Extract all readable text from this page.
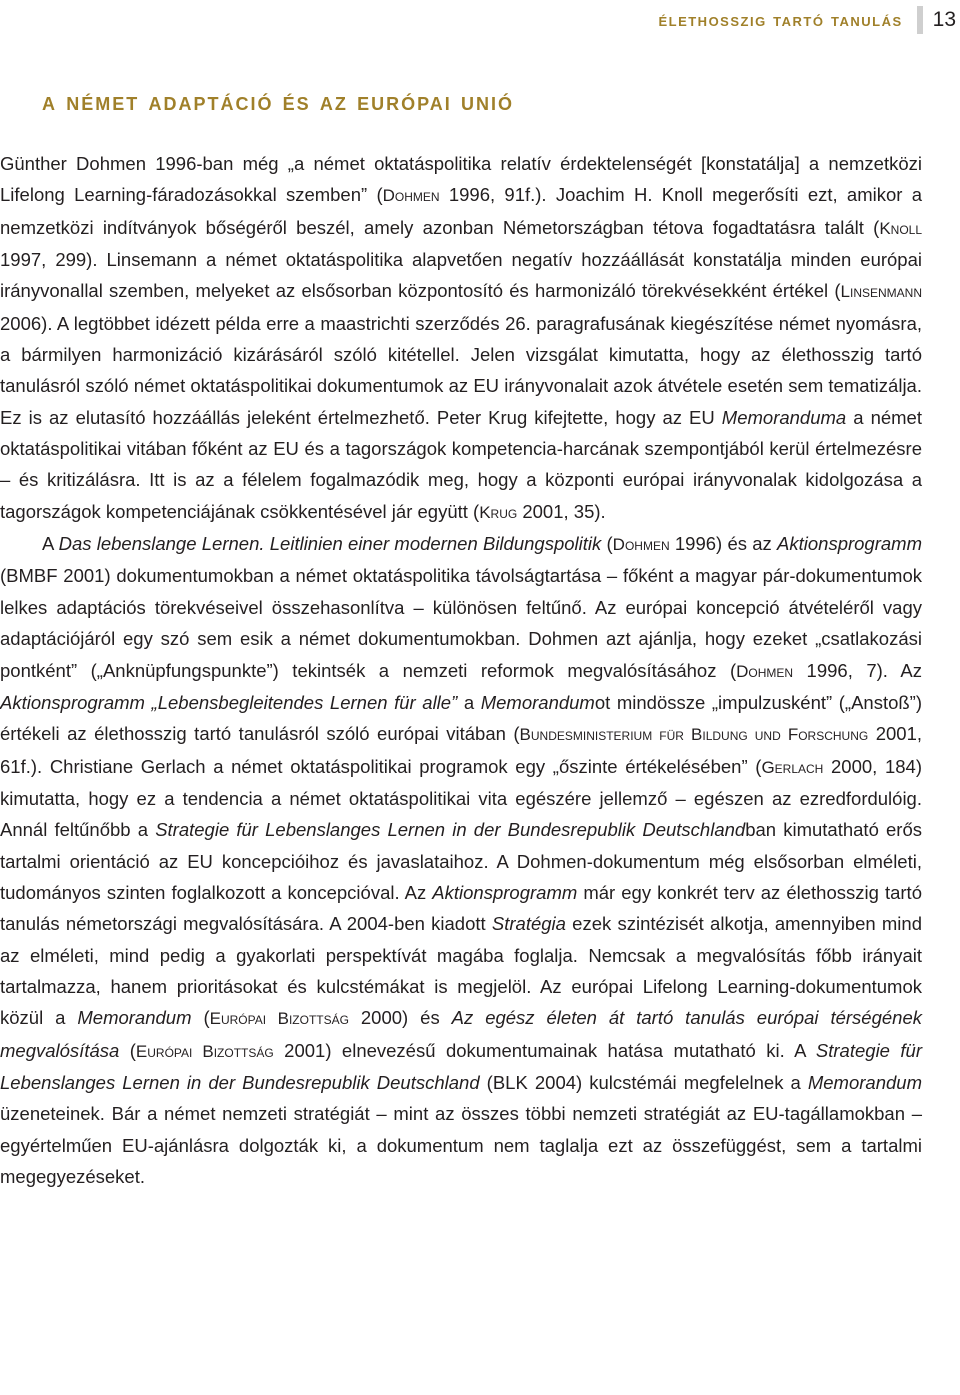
élethosszig tartó tanulás	13
a német adaptáció és az európai unió

Günther Dohmen 1996-ban még „a német oktatáspolitika relatív érdektelenségét [konstatálja] a nemzetközi Lifelong Learning-fáradozásokkal szemben” (Dohmen 1996, 91f.). Joachim H. Knoll megerősíti ezt, amikor a nemzetközi indítványok bőségéről beszél, amely azonban Németországban tétova fogadtatásra talált (Knoll 1997, 299). Linsemann a német oktatáspolitika alapvetően negatív hozzáállását konstatálja minden európai irányvonallal szemben, melyeket az elsősorban központosító és harmonizáló törekvésekként értékel (Linsenmann 2006). A legtöbbet idézett példa erre a maastrichti szerződés 26. paragrafusának kiegészítése német nyomásra, a bármilyen harmonizáció kizárásáról szóló kitétellel. Jelen vizsgálat kimutatta, hogy az élethosszig tartó tanulásról szóló német oktatáspolitikai dokumentumok az EU irányvonalait azok átvétele esetén sem tematizálja. Ez is az elutasító hozzáállás jeleként értelmezhető. Peter Krug kifejtette, hogy az EU Memoranduma a német oktatáspolitikai vitában főként az EU és a tagországok kompetencia-harcának szempontjából kerül értelmezésre – és kritizálásra. Itt is az a félelem fogalmazódik meg, hogy a központi európai irányvonalak kidolgozása a tagországok kompetenciájának csökkentésével jár együtt (Krug 2001, 35).

A Das lebenslange Lernen. Leitlinien einer modernen Bildungspolitik (Dohmen 1996) és az Aktionsprogramm (BMBF 2001) dokumentumokban a német oktatáspolitika távolságtartása – főként a magyar pár-dokumentumok lelkes adaptációs törekvéseivel összehasonlítva – különösen feltűnő. Az európai koncepció átvételéről vagy adaptációjáról egy szó sem esik a német dokumentumokban. Dohmen azt ajánlja, hogy ezeket „csatlakozási pontként” („Anknüpfungspunkte”) tekintsék a nemzeti reformok megvalósításához (Dohmen 1996, 7). Az Aktionsprogramm „Lebensbegleitendes Lernen für alle” a Memorandumot mindössze „impulzusként” („Anstoß”) értékeli az élethosszig tartó tanulásról szóló európai vitában (Bundesministerium für Bildung und Forschung 2001, 61f.). Christiane Gerlach a német oktatáspolitikai programok egy „őszinte értékelésében” (Gerlach 2000, 184) kimutatta, hogy ez a tendencia a német oktatáspolitikai vita egészére jellemző – egészen az ezredfordulóig. Annál feltűnőbb a Strategie für Lebenslanges Lernen in der Bundesrepublik Deutschlandban kimutatható erős tartalmi orientáció az EU koncepcióihoz és javaslataihoz. A Dohmen-dokumentum még elsősorban elméleti, tudományos szinten foglalkozott a koncepcióval. Az Aktionsprogramm már egy konkrét terv az élethosszig tartó tanulás németországi megvalósítására. A 2004-ben kiadott Stratégia ezek szintézisét alkotja, amennyiben mind az elméleti, mind pedig a gyakorlati perspektívát magába foglalja. Nemcsak a megvalósítás főbb irányait tartalmazza, hanem prioritásokat és kulcstémákat is megjelöl. Az európai Lifelong Learning-dokumentumok közül a Memorandum (Európai Bizottság 2000) és Az egész életen át tartó tanulás európai térségének megvalósítása (Európai Bizottság 2001) elnevezésű dokumentumainak hatása mutatható ki. A Strategie für Lebenslanges Lernen in der Bundesrepublik Deutschland (BLK 2004) kulcstémái megfelelnek a Memorandum üzeneteinek. Bár a német nemzeti stratégiát – mint az összes többi nemzeti stratégiát az EU-tagállamokban – egyértelműen EU-ajánlásra dolgozták ki, a dokumentum nem taglalja ezt az összefüggést, sem a tartalmi megegyezéseket.
